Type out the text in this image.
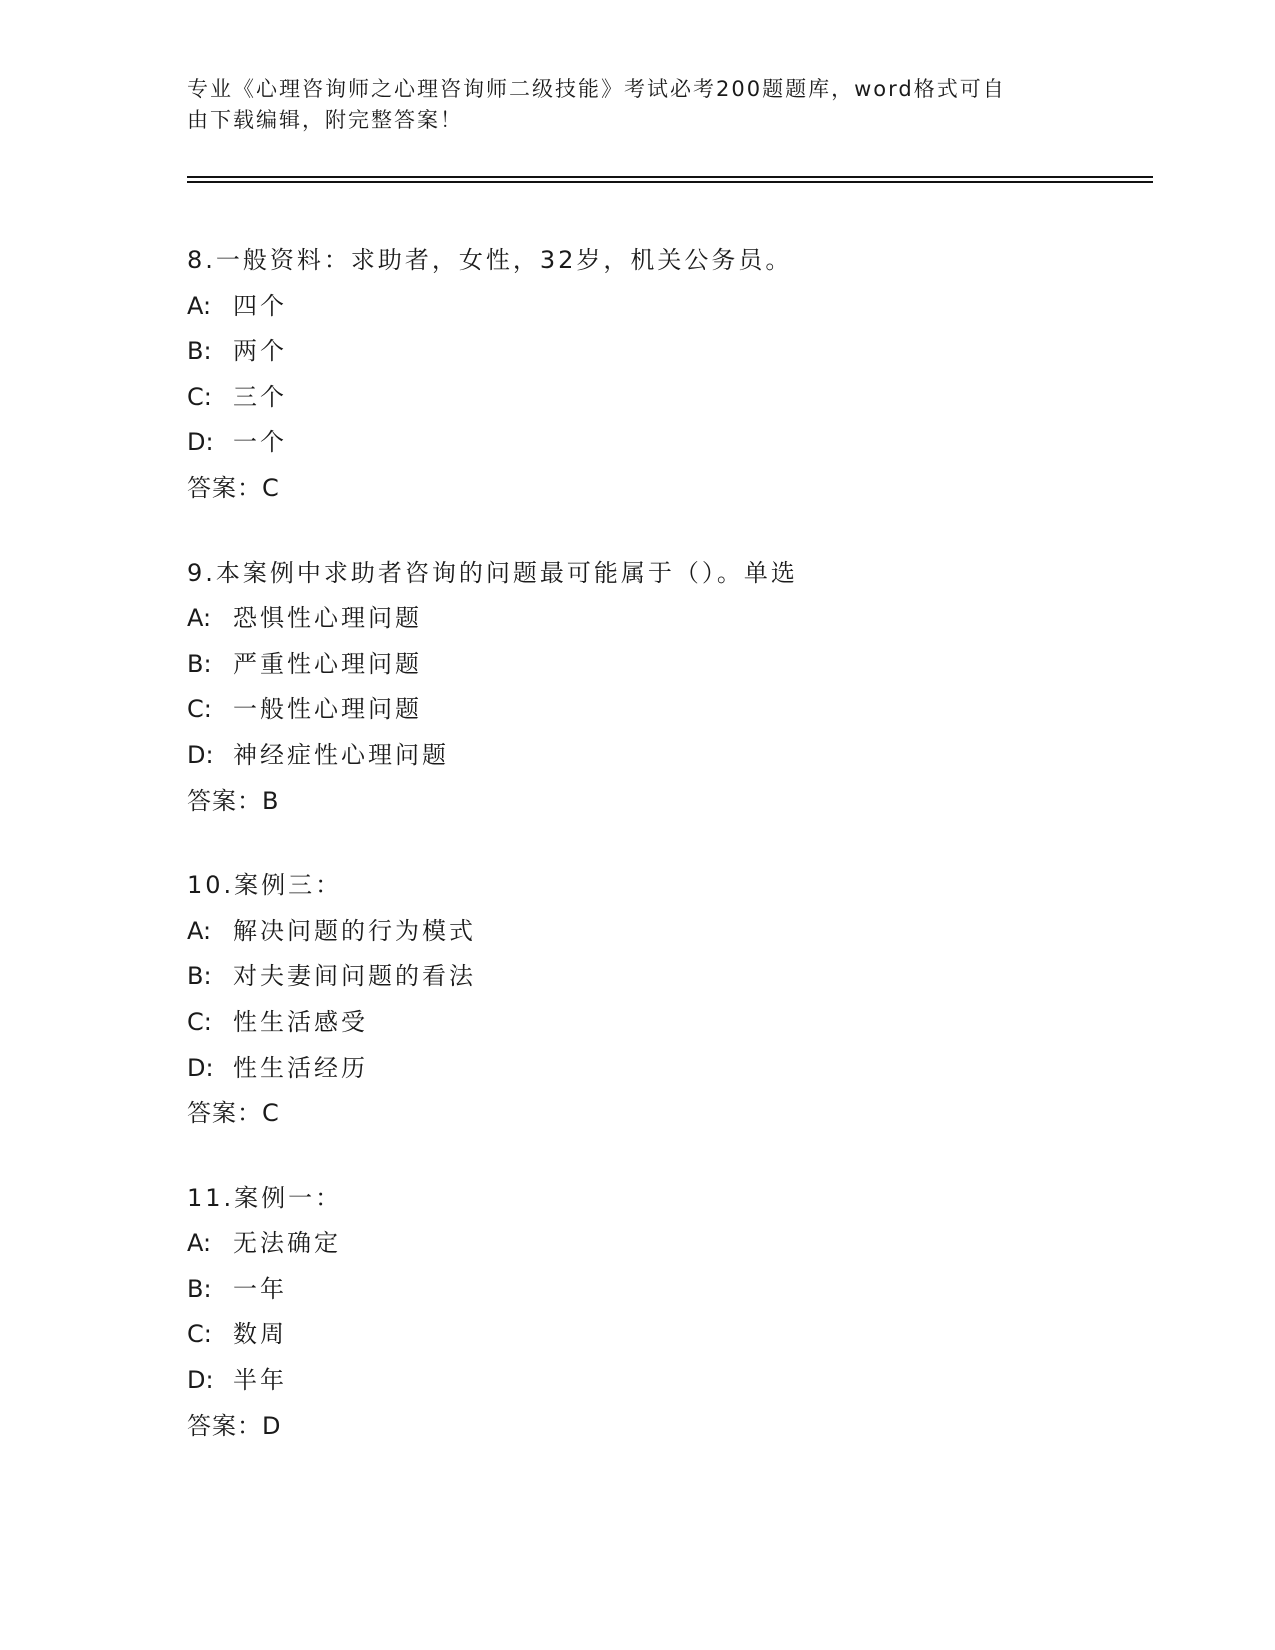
专业《心理咨询师之心理咨询师二级技能》考试必考200题题库，word格式可自
由下载编辑，附完整答案！
8.一般资料：求助者，女性，32岁，机关公务员。
A: 四个
B: 两个
C: 三个
D: 一个
答案：C
9.本案例中求助者咨询的问题最可能属于（）。单选
A: 恐惧性心理问题
B: 严重性心理问题
C: 一般性心理问题
D: 神经症性心理问题
答案：B
10.案例三：
A: 解决问题的行为模式
B: 对夫妻间问题的看法
C: 性生活感受
D: 性生活经历
答案：C
11.案例一：
A: 无法确定
B: 一年
C: 数周
D: 半年
答案：D
